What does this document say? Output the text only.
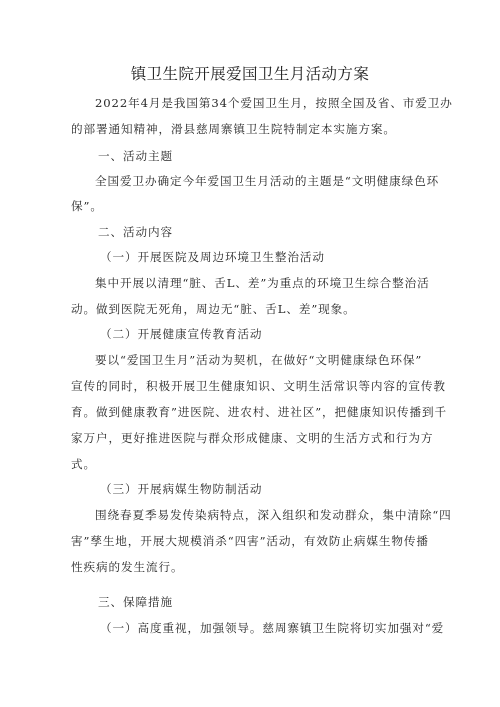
镇卫生院开展爱国卫生月活动方案
2022年4月是我国第34个爱国卫生月，按照全国及省、市爱卫办
的部署通知精神，滑县慈周寨镇卫生院特制定本实施方案。
一、活动主题
全国爱卫办确定今年爱国卫生月活动的主题是“文明健康绿色环
保”。
二、活动内容
（一）开展医院及周边环境卫生整治活动
集中开展以清理“脏、舌L、差”为重点的环境卫生综合整治活
动。做到医院无死角，周边无“脏、舌L、差”现象。
（二）开展健康宣传教育活动
要以“爱国卫生月”活动为契机，在做好“文明健康绿色环保”
宣传的同时，积极开展卫生健康知识、文明生活常识等内容的宣传教
育。做到健康教育”进医院、进农村、进社区”，把健康知识传播到千
家万户，更好推进医院与群众形成健康、文明的生活方式和行为方
式。
（三）开展病媒生物防制活动
围绕春夏季易发传染病特点，深入组织和发动群众，集中清除“四
害”孳生地，开展大规模消杀“四害”活动，有效防止病媒生物传播
性疾病的发生流行。
三、保障措施
（一）高度重视，加强领导。慈周寨镇卫生院将切实加强对“爱
